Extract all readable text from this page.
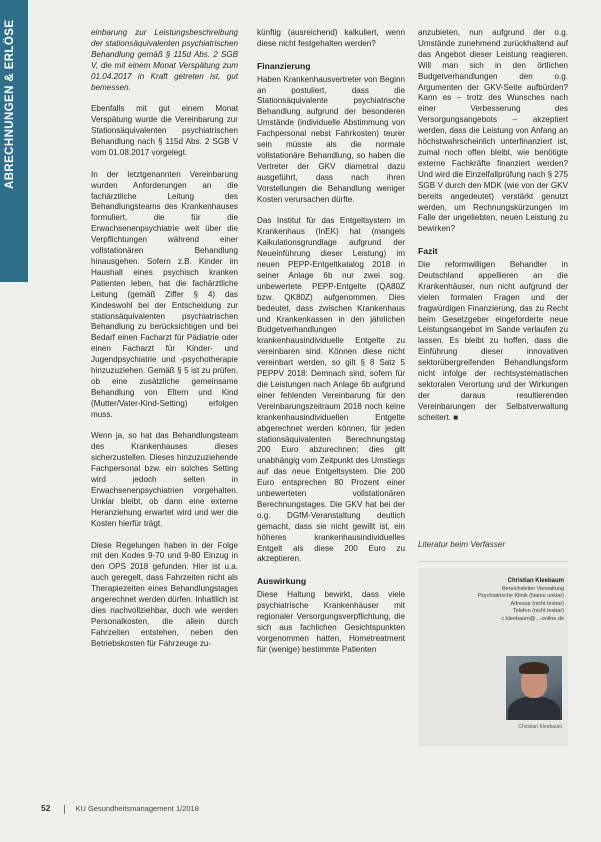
ABRECHNUNGEN & ERLÖSE	einbarung zur Leistungsbeschreibung der stationsäquivalenten psychiatrischen Behandlung gemäß § 115d Abs. 2 SGB V, die mit einem Monat Verspätung zum 01.04.2017 in Kraft getreten ist, gut bemessen.

Ebenfalls mit gut einem Monat Verspätung wurde die Vereinbarung zur Stationsäquivalenten psychiatrischen Behandlung nach § 115d Abs. 2 SGB V vom 01.08.2017 vorgelegt.

In der letztgenannten Vereinbarung wurden Anforderungen an die fachärztliche Leitung des Behandlungsteams des Krankenhauses formuliert, die für die Erwachsenenpsychiatrie weit über die Verpflichtungen während einer vollstationären Behandlung hinausgehen. Sofern z.B. Kinder im Haushalt eines psychisch kranken Patienten leben, hat die fachärztliche Leitung (gemäß Ziffer § 4) das Kindeswohl bei der Entscheidung zur stationsäquivalenten psychiatrischen Behandlung zu berücksichtigen und bei Bedarf einen Facharzt für Pädiatrie oder einen Facharzt für Kinder- und Jugendpsychiatrie und -psychotherapie hinzuzuziehen. Gemäß § 5 ist zu prüfen, ob eine zusätzliche gemeinsame Behandlung von Eltern und Kind (Mutter/Vater-Kind-Setting) erfolgen muss.

Wenn ja, so hat das Behandlungsteam des Krankenhauses dieses sicherzustellen. Dieses hinzuzuziehende Fachpersonal bzw. ein solches Setting wird jedoch selten in Erwachsenenpsychiatrien vorgehalten. Unklar bleibt, ob dann eine externe Heranziehung erwartet wird und wer die Kosten hierfür trägt.

Diese Regelungen haben in der Folge mit den Kodes 9-70 und 9-80 Einzug in den OPS 2018 gefunden. Hier ist u.a. auch geregelt, dass Fahrzeiten nicht als Therapiezeiten eines Behandlungstages angerechnet werden dürfen. Inhaltlich ist dies nachvollziehbar, doch wie werden Personalkosten, die allein durch Fahrzeiten entstehen, neben den Betriebskosten für Fahrzeuge zu-

künftig (ausreichend) kalkuliert, wenn diese nicht festgehalten werden?

Finanzierung

Haben Krankenhausvertreter von Beginn an postuliert, dass die Stationsäquivalente psychiatrische Behandlung aufgrund der besonderen Umstände (individuelle Abstimmung von Fachpersonal nebst Fahrkosten) teurer sein müsste als die normale vollstationäre Behandlung, so haben die Vertreter der GKV diametral dazu ausgeführt, dass nach ihren Vorstellungen die Behandlung weniger Kosten verursachen dürfte.

Das Institut für das Entgeltsystem im Krankenhaus (InEK) hat (mangels Kalkulationsgrundlage aufgrund der Neueinführung dieser Leistung) im neuen PEPP-Entgeltkatalog 2018 in seiner Anlage 6b nur zwei sog. unbewertete PEPP-Entgelte (QA80Z bzw. QK80Z) aufgenommen. Dies bedeutet, dass zwischen Krankenhaus und Krankenkassen in den jährlichen Budgetverhandlungen krankenhausindividuelle Entgelte zu vereinbaren sind. Können diese nicht vereinbart werden, so gilt § 8 Satz 5 PEPPV 2018: Demnach sind, sofern für die Leistungen nach Anlage 6b aufgrund einer fehlenden Vereinbarung für den Vereinbarungszeitraum 2018 noch keine krankenhausindividuellen Entgelte abgerechnet werden können, für jeden stationsäquivalenten Berechnungstag 200 Euro abzurechnen; dies gilt unabhängig vom Zeitpunkt des Umstiegs auf das neue Entgeltsystem. Die 200 Euro entsprechen 80 Prozent einer unbewerteten vollstationären Berechnungstages. Die GKV hat bei der o.g. DGfM-Veranstaltung deutlich gemacht, dass sie nicht gewillt ist, ein höheres krankenhausindividuelles Entgelt als diese 200 Euro zu akzeptieren.

Auswirkung

Diese Haltung bewirkt, dass viele psychiatrische Krankenhäuser mit regionaler Versorgungsverpflichtung, die sich aus fachlichen Gesichtspunkten vorgenommen hatten, Hometreatment für (wenige) bestimmte Patienten

anzubieten, nun aufgrund der o.g. Umstände zunehmend zurückhaltend auf das Angebot dieser Leistung reagieren. Will man sich in den örtlichen Budgetverhandlungen den o.g. Argumenten der GKV-Seite aufbürden? Kann es – trotz des Wunsches nach einer Verbesserung des Versorgungsangebots – akzeptiert werden, dass die Leistung von Anfang an höchstwahrscheinlich unterfinanziert ist, zumal noch offen bleibt, wie benötigte externe Fachkräfte finanziert werden? Und wird die Einzelfallprüfung nach § 275 SGB V durch den MDK (wie von der GKV bereits angedeutet) verstärkt genutzt werden, um Rechnungskürzungen im Falle der ungeliebten, neuen Leistung zu bewirken?

Fazit

Die reformwilligen Behandler in Deutschland appellieren an die Krankenhäuser, nun nicht aufgrund der vielen formalen Fragen und der fragwürdigen Finanzierung, das zu Recht beim Gesetzgeber eingeforderte neue Leistungsangebot im Sande verlaufen zu lassen. Es bleibt zu hoffen, dass die Einführung dieser innovativen sektorübergreifenden Behandlungsform nicht infolge der rechtsystematischen sektoralen Verortung und der Wirkungen der daraus resultierenden Vereinbarungen der Selbstverwaltung scheitert. ■

Literatur beim Verfasser
Christian Kleebaum
Bereichsleiter Verwaltung
Psychiatrische Klinik (Name unklar)
Adresse (nicht lesbar)
Telefon (nicht lesbar)
c.kleebaum@...-online.de
Christian Kleebaum
52	KU Gesundheitsmanagement 1/2018
